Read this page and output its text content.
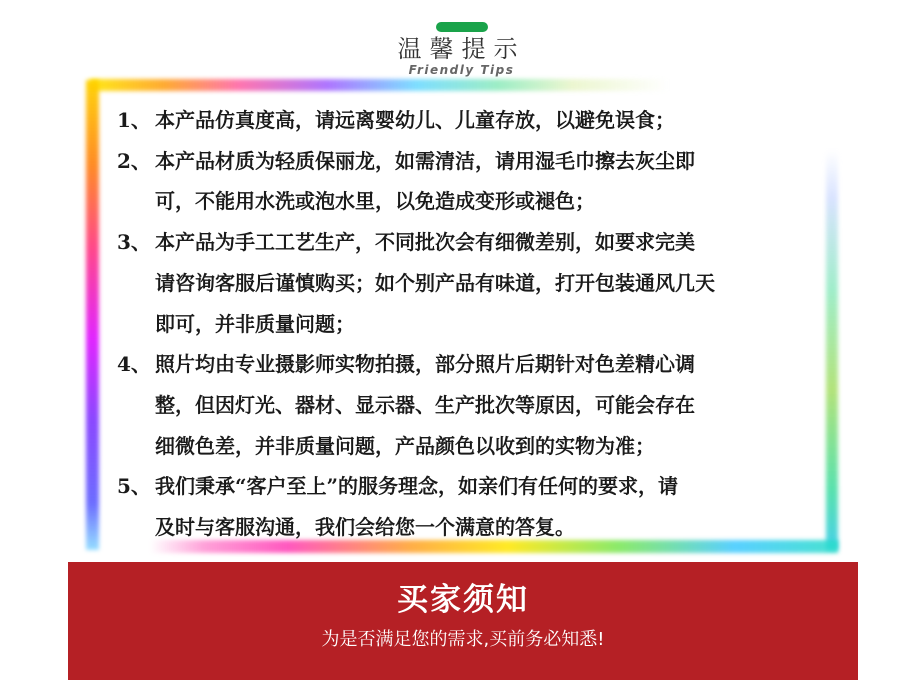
温馨提示
Friendly Tips
1、 本产品仿真度高，请远离婴幼儿、儿童存放，以避免误食；
2、 本产品材质为轻质保丽龙，如需清洁，请用湿毛巾擦去灰尘即
可，不能用水洗或泡水里，以免造成变形或褪色；
3、 本产品为手工工艺生产，不同批次会有细微差别，如要求完美
请咨询客服后谨慎购买；如个别产品有味道，打开包装通风几天
即可，并非质量问题；
4、 照片均由专业摄影师实物拍摄，部分照片后期针对色差精心调
整，但因灯光、器材、显示器、生产批次等原因，可能会存在
细微色差，并非质量问题，产品颜色以收到的实物为准；
5、 我们秉承“客户至上”的服务理念，如亲们有任何的要求，请
及时与客服沟通，我们会给您一个满意的答复。
买家须知
为是否满足您的需求,买前务必知悉!
